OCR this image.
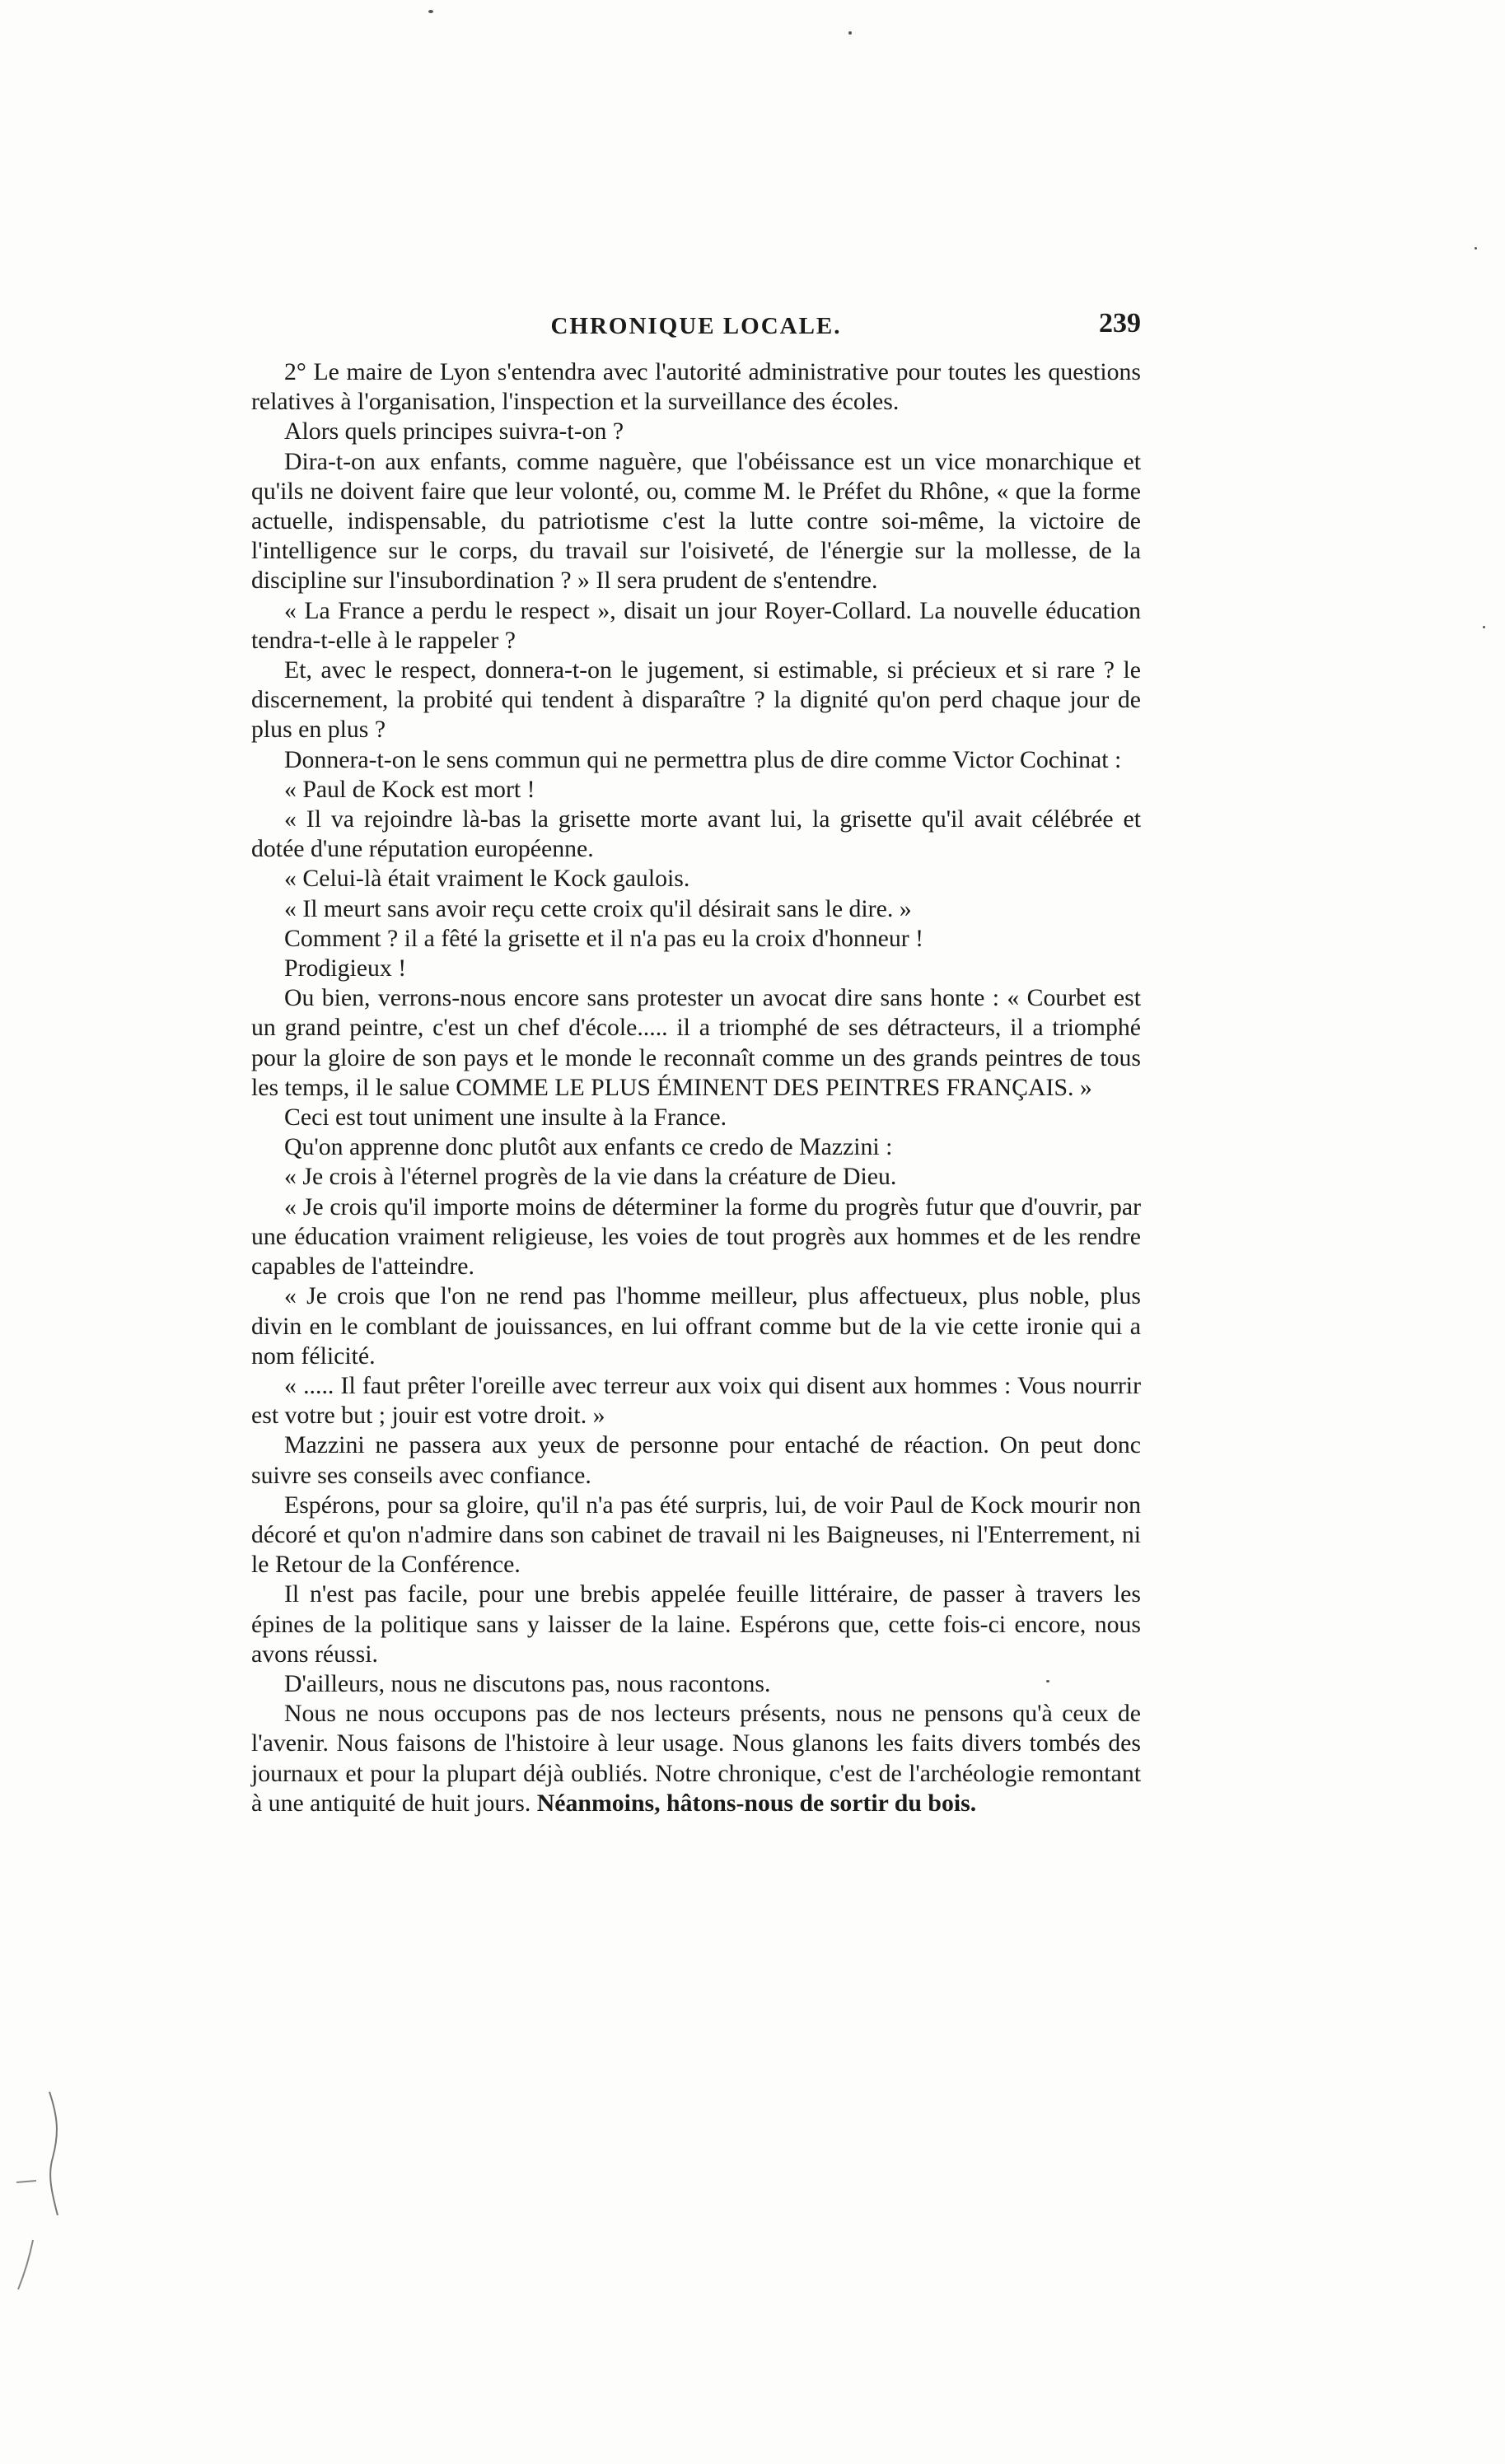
CHRONIQUE LOCALE.	239

2° Le maire de Lyon s'entendra avec l'autorité administrative pour toutes les questions relatives à l'organisation, l'inspection et la surveillance des écoles.

Alors quels principes suivra-t-on ?

Dira-t-on aux enfants, comme naguère, que l'obéissance est un vice monarchique et qu'ils ne doivent faire que leur volonté, ou, comme M. le Préfet du Rhône, « que la forme actuelle, indispensable, du patriotisme c'est la lutte contre soi-même, la victoire de l'intelligence sur le corps, du travail sur l'oisiveté, de l'énergie sur la mollesse, de la discipline sur l'insubordination ? » Il sera prudent de s'entendre.

« La France a perdu le respect », disait un jour Royer-Collard. La nouvelle éducation tendra-t-elle à le rappeler ?

Et, avec le respect, donnera-t-on le jugement, si estimable, si précieux et si rare ? le discernement, la probité qui tendent à disparaître ? la dignité qu'on perd chaque jour de plus en plus ?

Donnera-t-on le sens commun qui ne permettra plus de dire comme Victor Cochinat :

« Paul de Kock est mort !

« Il va rejoindre là-bas la grisette morte avant lui, la grisette qu'il avait célébrée et dotée d'une réputation européenne.

« Celui-là était vraiment le Kock gaulois.

« Il meurt sans avoir reçu cette croix qu'il désirait sans le dire. »

Comment ? il a fêté la grisette et il n'a pas eu la croix d'honneur !

Prodigieux !

Ou bien, verrons-nous encore sans protester un avocat dire sans honte : « Courbet est un grand peintre, c'est un chef d'école..... il a triomphé de ses détracteurs, il a triomphé pour la gloire de son pays et le monde le reconnaît comme un des grands peintres de tous les temps, il le salue COMME LE PLUS ÉMINENT DES PEINTRES FRANÇAIS. »

Ceci est tout uniment une insulte à la France.

Qu'on apprenne donc plutôt aux enfants ce credo de Mazzini :

« Je crois à l'éternel progrès de la vie dans la créature de Dieu.

« Je crois qu'il importe moins de déterminer la forme du progrès futur que d'ouvrir, par une éducation vraiment religieuse, les voies de tout progrès aux hommes et de les rendre capables de l'atteindre.

« Je crois que l'on ne rend pas l'homme meilleur, plus affectueux, plus noble, plus divin en le comblant de jouissances, en lui offrant comme but de la vie cette ironie qui a nom félicité.

« ..... Il faut prêter l'oreille avec terreur aux voix qui disent aux hommes : Vous nourrir est votre but ; jouir est votre droit. »

Mazzini ne passera aux yeux de personne pour entaché de réaction. On peut donc suivre ses conseils avec confiance.

Espérons, pour sa gloire, qu'il n'a pas été surpris, lui, de voir Paul de Kock mourir non décoré et qu'on n'admire dans son cabinet de travail ni les Baigneuses, ni l'Enterrement, ni le Retour de la Conférence.

Il n'est pas facile, pour une brebis appelée feuille littéraire, de passer à travers les épines de la politique sans y laisser de la laine. Espérons que, cette fois-ci encore, nous avons réussi.

D'ailleurs, nous ne discutons pas, nous racontons.

Nous ne nous occupons pas de nos lecteurs présents, nous ne pensons qu'à ceux de l'avenir. Nous faisons de l'histoire à leur usage. Nous glanons les faits divers tombés des journaux et pour la plupart déjà oubliés. Notre chronique, c'est de l'archéologie remontant à une antiquité de huit jours. Néanmoins, hâtons-nous de sortir du bois.
